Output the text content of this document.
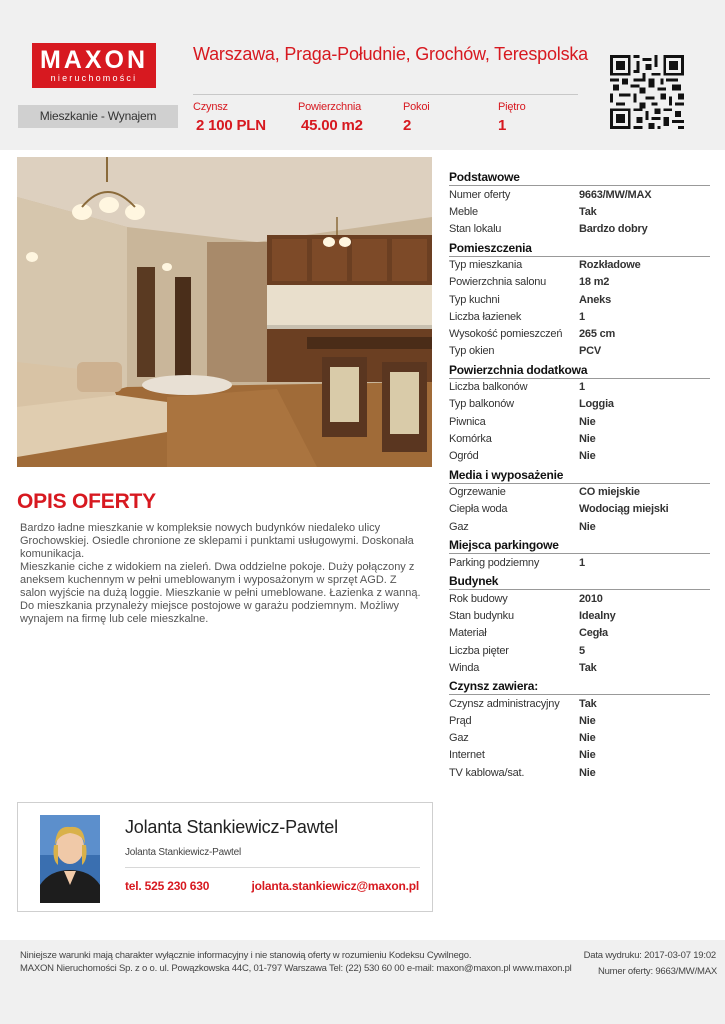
MAXON
nieruchomości
Warszawa, Praga-Południe, Grochów, Terespolska
Mieszkanie - Wynajem
Czynsz
2 100 PLN
Powierzchnia
45.00 m2
Pokoi
2
Piętro
1
OPIS OFERTY

Bardzo ładne mieszkanie w kompleksie nowych budynków niedaleko ulicy Grochowskiej. Osiedle chronione ze sklepami i punktami usługowymi. Doskonała komunikacja.

Mieszkanie ciche z widokiem na zieleń. Dwa oddzielne pokoje. Duży połączony z aneksem kuchennym w pełni umeblowanym i wyposażonym w sprzęt AGD. Z salon wyjście na dużą loggie. Mieszkanie w pełni umeblowane. Łazienka z wanną. Do mieszkania przynależy miejsce postojowe w garażu podziemnym. Możliwy wynajem na firmę lub cele mieszkalne.

Jolanta Stankiewicz-Pawtel
Jolanta Stankiewicz-Pawtel
tel. 525 230 630	jolanta.stankiewicz@maxon.pl
Podstawowe
Numer oferty	9663/MW/MAX
Meble	Tak
Stan lokalu	Bardzo dobry
Pomieszczenia
Typ mieszkania	Rozkładowe
Powierzchnia salonu	18 m2
Typ kuchni	Aneks
Liczba łazienek	1
Wysokość pomieszczeń	265 cm
Typ okien	PCV
Powierzchnia dodatkowa
Liczba balkonów	1
Typ balkonów	Loggia
Piwnica	Nie
Komórka	Nie
Ogród	Nie
Media i wyposażenie
Ogrzewanie	CO miejskie
Ciepła woda	Wodociąg miejski
Gaz	Nie
Miejsca parkingowe
Parking podziemny	1
Budynek
Rok budowy	2010
Stan budynku	Idealny
Materiał	Cegła
Liczba pięter	5
Winda	Tak
Czynsz zawiera:
Czynsz administracyjny	Tak
Prąd	Nie
Gaz	Nie
Internet	Nie
TV kablowa/sat.	Nie
Niniejsze warunki mają charakter wyłącznie informacyjny i nie stanowią oferty w rozumieniu Kodeksu Cywilnego.
MAXON Nieruchomości Sp. z o o. ul. Powązkowska 44C, 01-797 Warszawa Tel: (22) 530 60 00 e-mail: maxon@maxon.pl www.maxon.pl
Data wydruku: 2017-03-07 19:02
Numer oferty: 9663/MW/MAX
